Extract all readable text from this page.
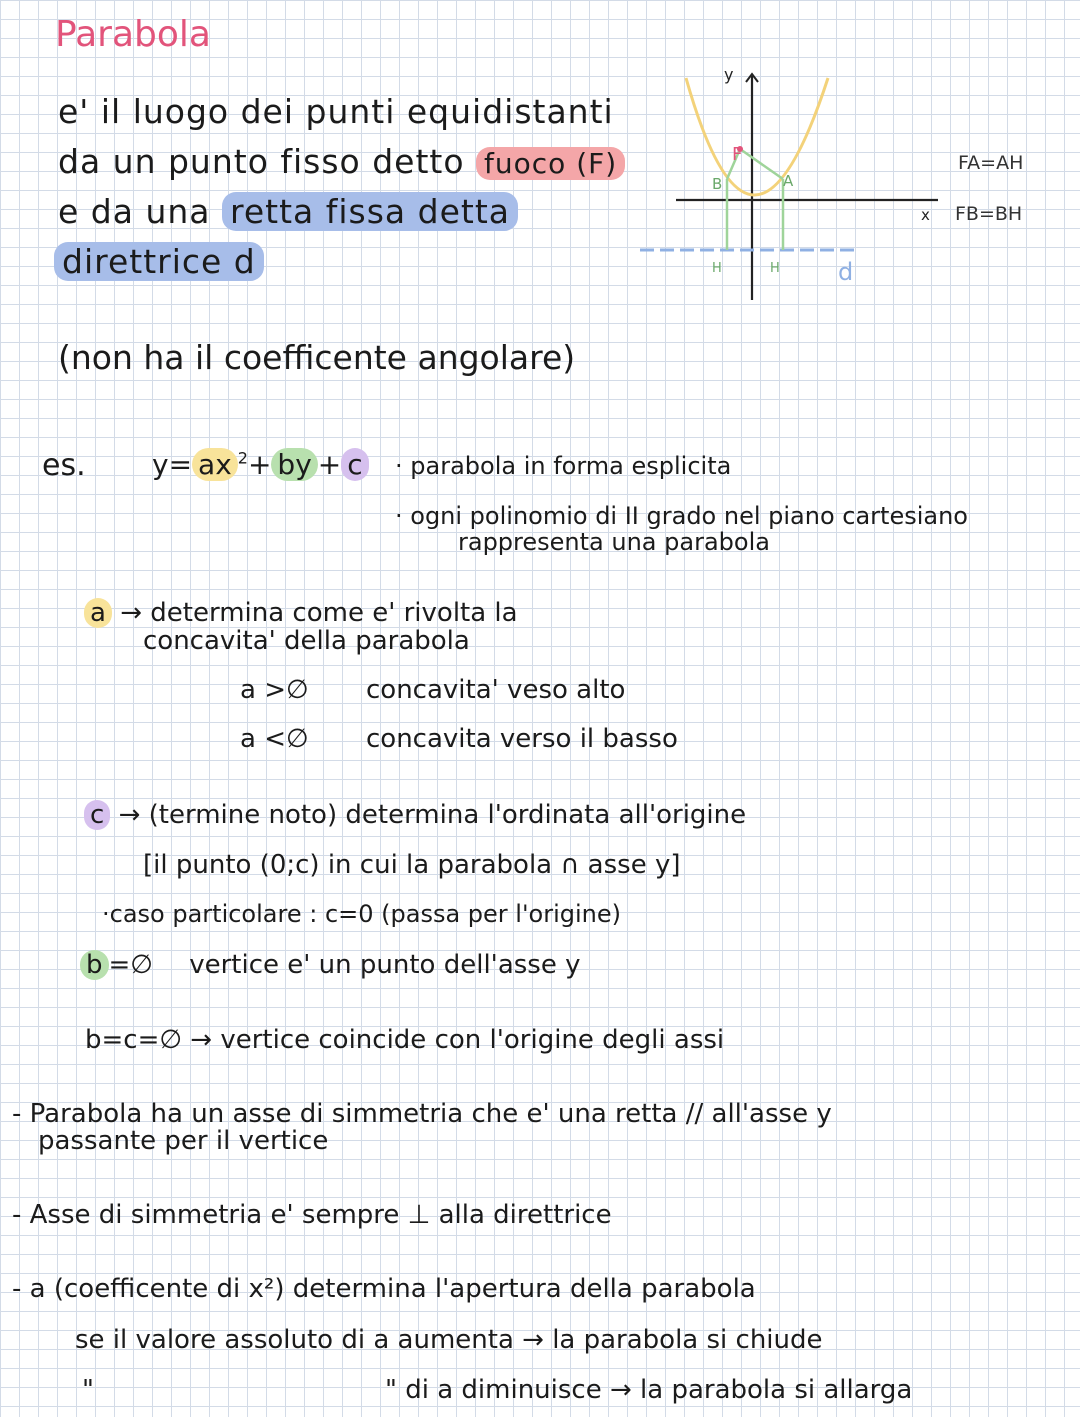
Parabola
e' il luogo dei punti equidistanti
da un punto fisso detto fuoco (F)
e da una retta fissa detta
direttrice d
F
B	A
H	H d
y
x
FA=AH
FB=BH
(non ha il coefficente angolare)
es. y= ax $^2$+ by + c · parabola in forma esplicita
· ogni polinomio di II grado nel piano cartesiano
rappresenta una parabola
a → determina come e' rivolta la
concavita' della parabola
a >∅ concavita' veso alto
a <∅ concavita verso il basso
c → (termine noto) determina l'ordinata all'origine
[il punto (0;c) in cui la parabola ∩ asse y]
·caso particolare : c=0 (passa per l'origine)
b =∅ vertice e' un punto dell'asse y
b=c=∅ → vertice coincide con l'origine degli assi
- Parabola ha un asse di simmetria che e' una retta // all'asse y
passante per il vertice
- Asse di simmetria e' sempre ⊥ alla direttrice
- a (coefficente di x²) determina l'apertura della parabola
se il valore assoluto di a aumenta → la parabola si chiude
"	" di a diminuisce → la parabola si allarga
